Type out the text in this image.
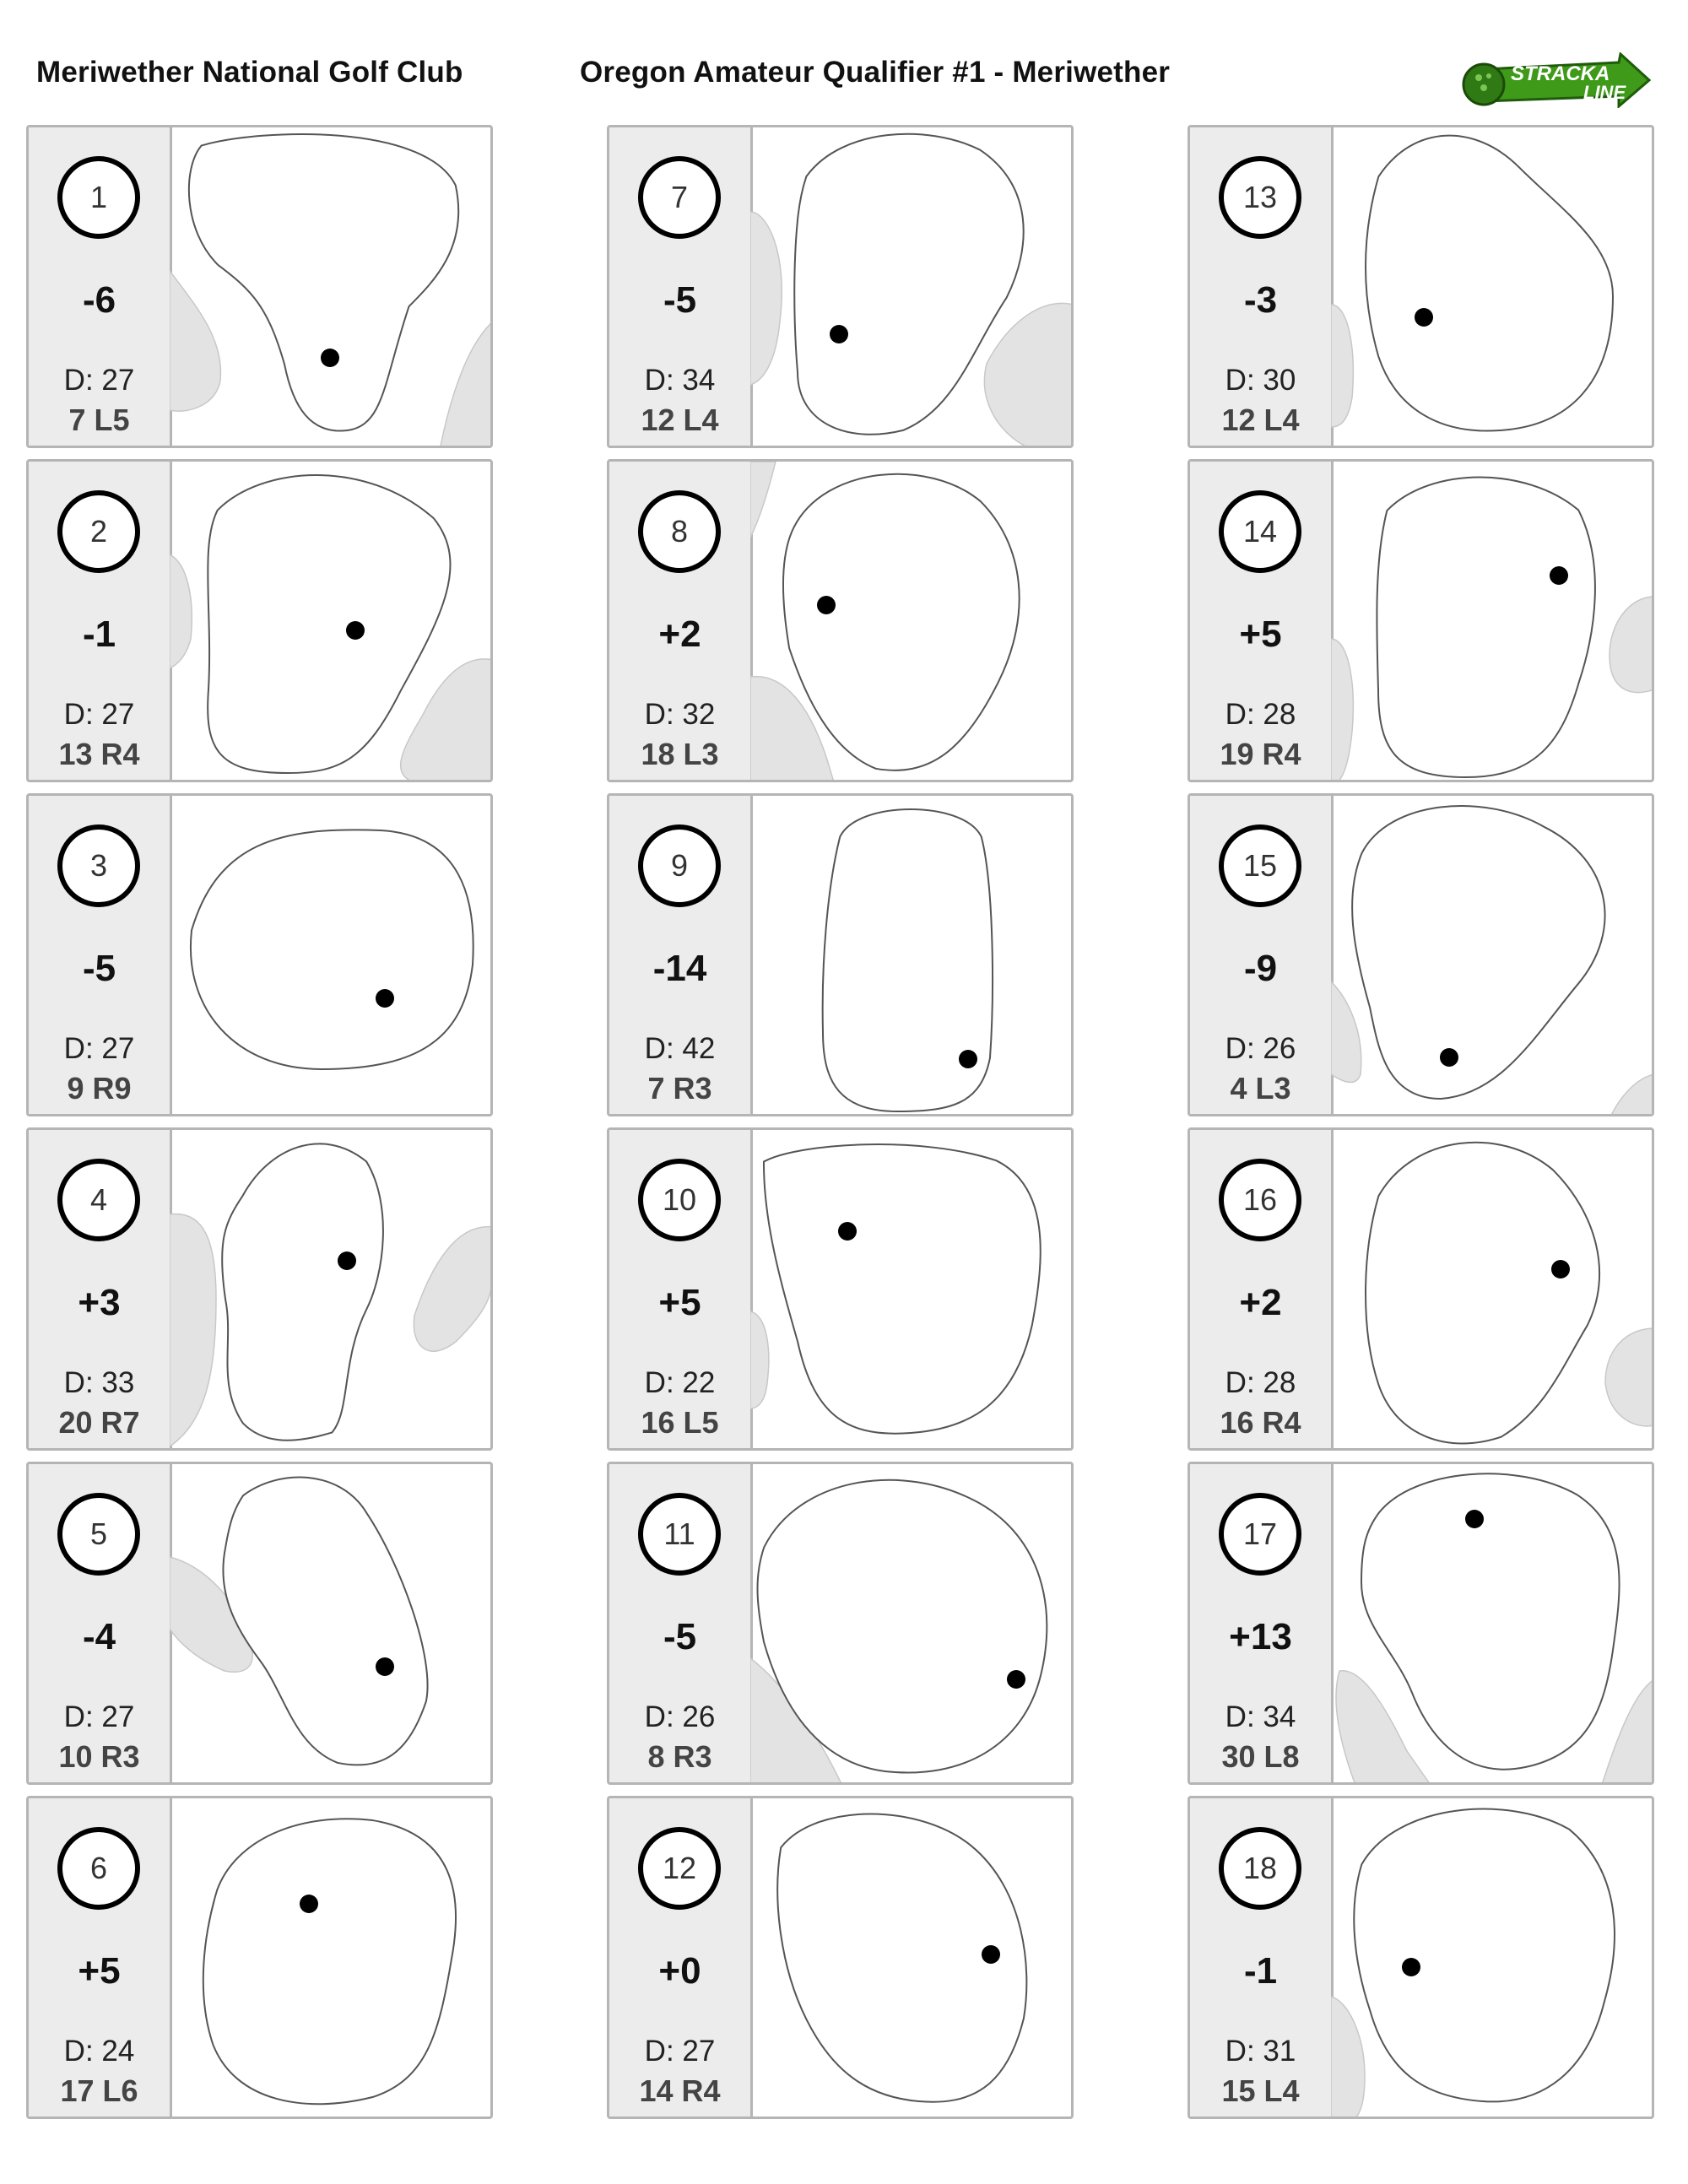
Meriwether National Golf Club	Oregon Amateur Qualifier #1 - Meriwether	STRACKA
LINE
1
-6
D: 27
7 L5
2
-1
D: 27
13 R4
3
-5
D: 27
9 R9
4
+3
D: 33
20 R7
5
-4
D: 27
10 R3
6
+5
D: 24
17 L6
7
-5
D: 34
12 L4
8
+2
D: 32
18 L3
9
-14
D: 42
7 R3
10
+5
D: 22
16 L5
11
-5
D: 26
8 R3
12
+0
D: 27
14 R4
13
-3
D: 30
12 L4
14
+5
D: 28
19 R4
15
-9
D: 26
4 L3
16
+2
D: 28
16 R4
17
+13
D: 34
30 L8
18
-1
D: 31
15 L4
